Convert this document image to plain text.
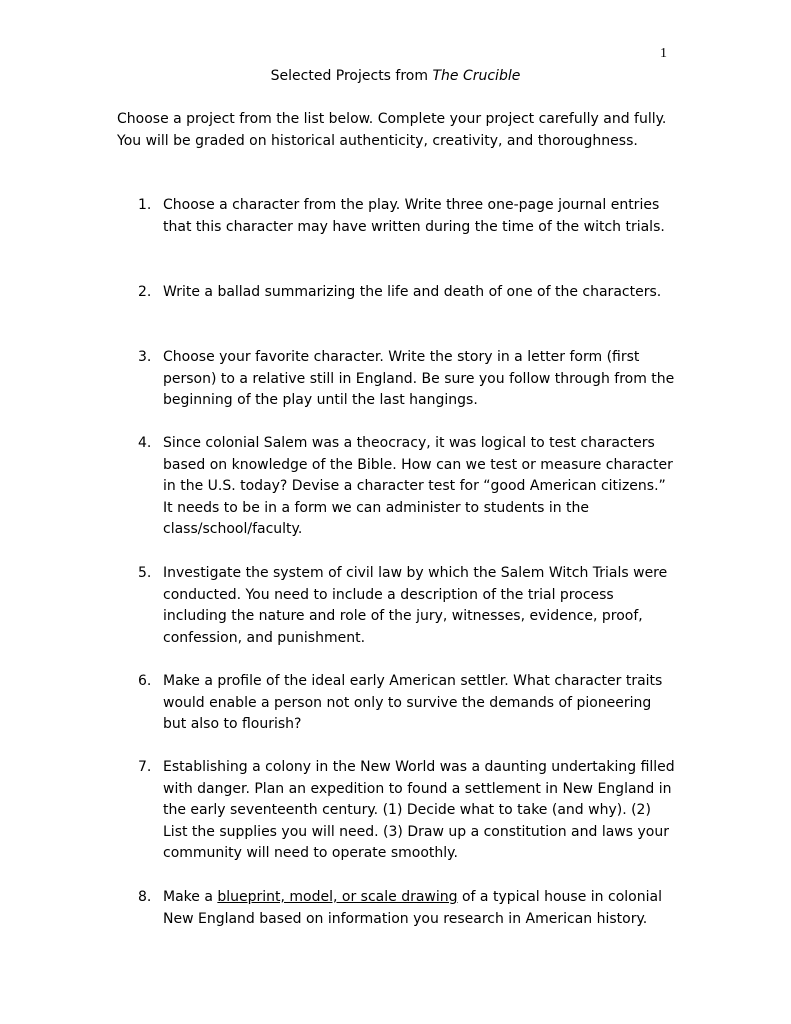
1
Selected Projects from The Crucible
Choose a project from the list below. Complete your project carefully and fully. You will be graded on historical authenticity, creativity, and thoroughness.
1. Choose a character from the play. Write three one-page journal entries that this character may have written during the time of the witch trials.
2. Write a ballad summarizing the life and death of one of the characters.
3. Choose your favorite character. Write the story in a letter form (first person) to a relative still in England. Be sure you follow through from the beginning of the play until the last hangings.
4. Since colonial Salem was a theocracy, it was logical to test characters based on knowledge of the Bible. How can we test or measure character in the U.S. today? Devise a character test for “good American citizens.” It needs to be in a form we can administer to students in the class/school/faculty.
5. Investigate the system of civil law by which the Salem Witch Trials were conducted. You need to include a description of the trial process including the nature and role of the jury, witnesses, evidence, proof, confession, and punishment.
6. Make a profile of the ideal early American settler. What character traits would enable a person not only to survive the demands of pioneering but also to flourish?
7. Establishing a colony in the New World was a daunting undertaking filled with danger. Plan an expedition to found a settlement in New England in the early seventeenth century. (1) Decide what to take (and why). (2) List the supplies you will need. (3) Draw up a constitution and laws your community will need to operate smoothly.
8. Make a blueprint, model, or scale drawing of a typical house in colonial New England based on information you research in American history.
